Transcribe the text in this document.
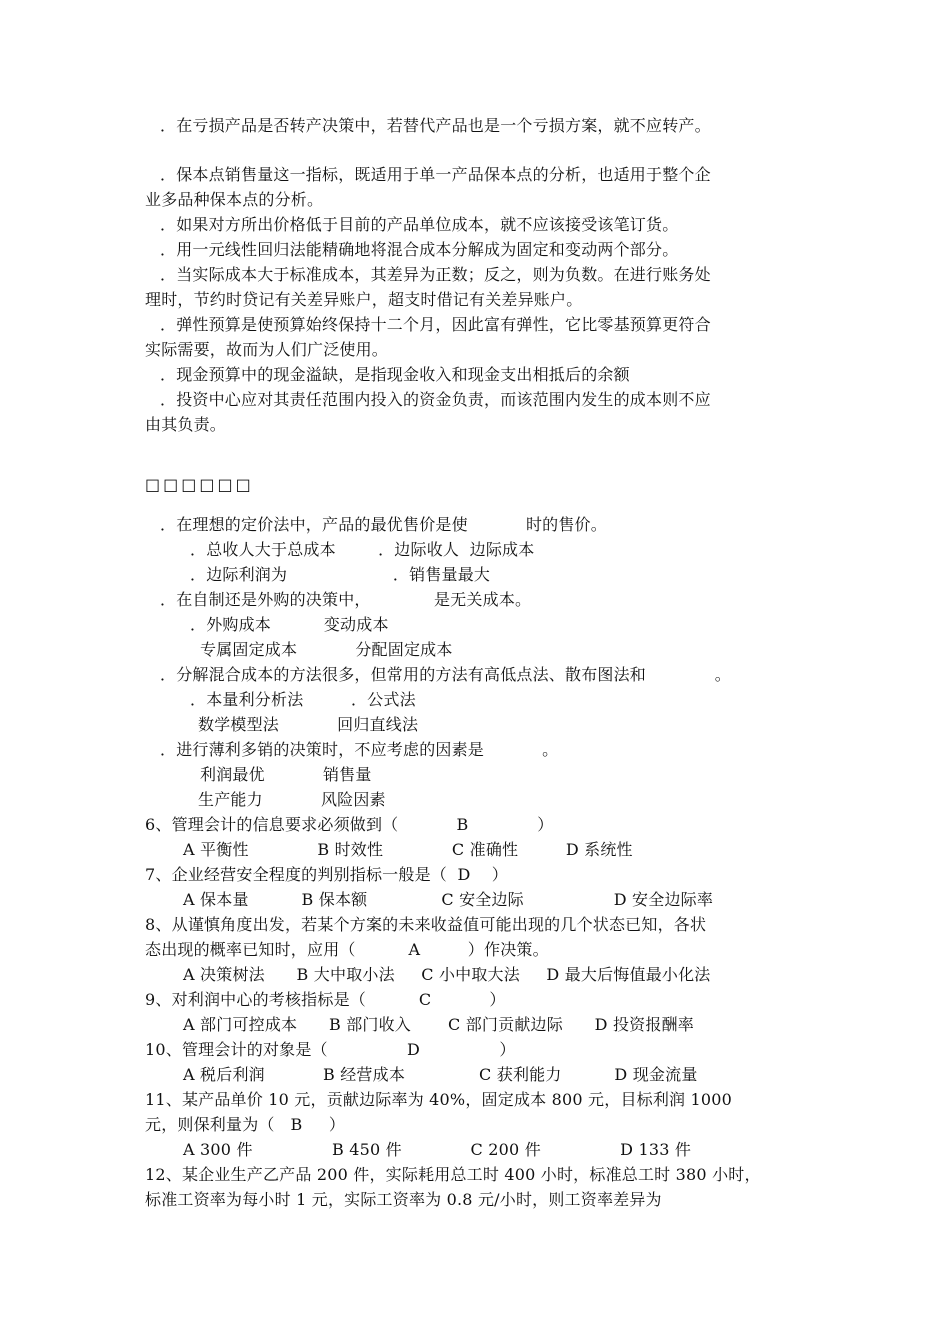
．在亏损产品是否转产决策中，若替代产品也是一个亏损方案，就不应转产。
．保本点销售量这一指标，既适用于单一产品保本点的分析，也适用于整个企
业多品种保本点的分析。
．如果对方所出价格低于目前的产品单位成本，就不应该接受该笔订货。
．用一元线性回归法能精确地将混合成本分解成为固定和变动两个部分。
．当实际成本大于标准成本，其差异为正数；反之，则为负数。在进行账务处
理时，节约时贷记有关差异账户，超支时借记有关差异账户。
．弹性预算是使预算始终保持十二个月，因此富有弹性，它比零基预算更符合
实际需要，故而为人们广泛使用。
．现金预算中的现金溢缺，是指现金收入和现金支出相抵后的余额
．投资中心应对其责任范围内投入的资金负责，而该范围内发生的成本则不应
由其负责。
□□□□□□
．在理想的定价法中，产品的最优售价是使           时的售价。
．总收人大于总成本        ．边际收人  边际成本
．边际利润为                    ．销售量最大
．在自制还是外购的决策中，            是无关成本。
．外购成本          变动成本
专属固定成本           分配固定成本
．分解混合成本的方法很多，但常用的方法有高低点法、散布图法和             。
．本量利分析法         ．公式法
数学模型法           回归直线法
．进行薄利多销的决策时，不应考虑的因素是           。
利润最优           销售量
生产能力           风险因素
6、管理会计的信息要求必须做到（           B             ）
A 平衡性             B 时效性             C 准确性         D 系统性
7、企业经营安全程度的判别指标一般是（  D    ）
A 保本量          B 保本额              C 安全边际                 D 安全边际率
8、从谨慎角度出发，若某个方案的未来收益值可能出现的几个状态已知，各状
态出现的概率已知时，应用（          A         ）作决策。
A 决策树法      B 大中取小法     C 小中取大法     D 最大后悔值最小化法
9、对利润中心的考核指标是（          C           ）
A 部门可控成本      B 部门收入       C 部门贡献边际      D 投资报酬率
10、管理会计的对象是（               D               ）
A 税后利润           B 经营成本              C 获利能力          D 现金流量
11、某产品单价 10 元，贡献边际率为 40%，固定成本 800 元，目标利润 1000
元，则保利量为（   B     ）
A 300 件               B 450 件             C 200 件               D 133 件
12、某企业生产乙产品 200 件，实际耗用总工时 400 小时，标准总工时 380 小时，
标准工资率为每小时 1 元，实际工资率为 0.8 元/小时，则工资率差异为
